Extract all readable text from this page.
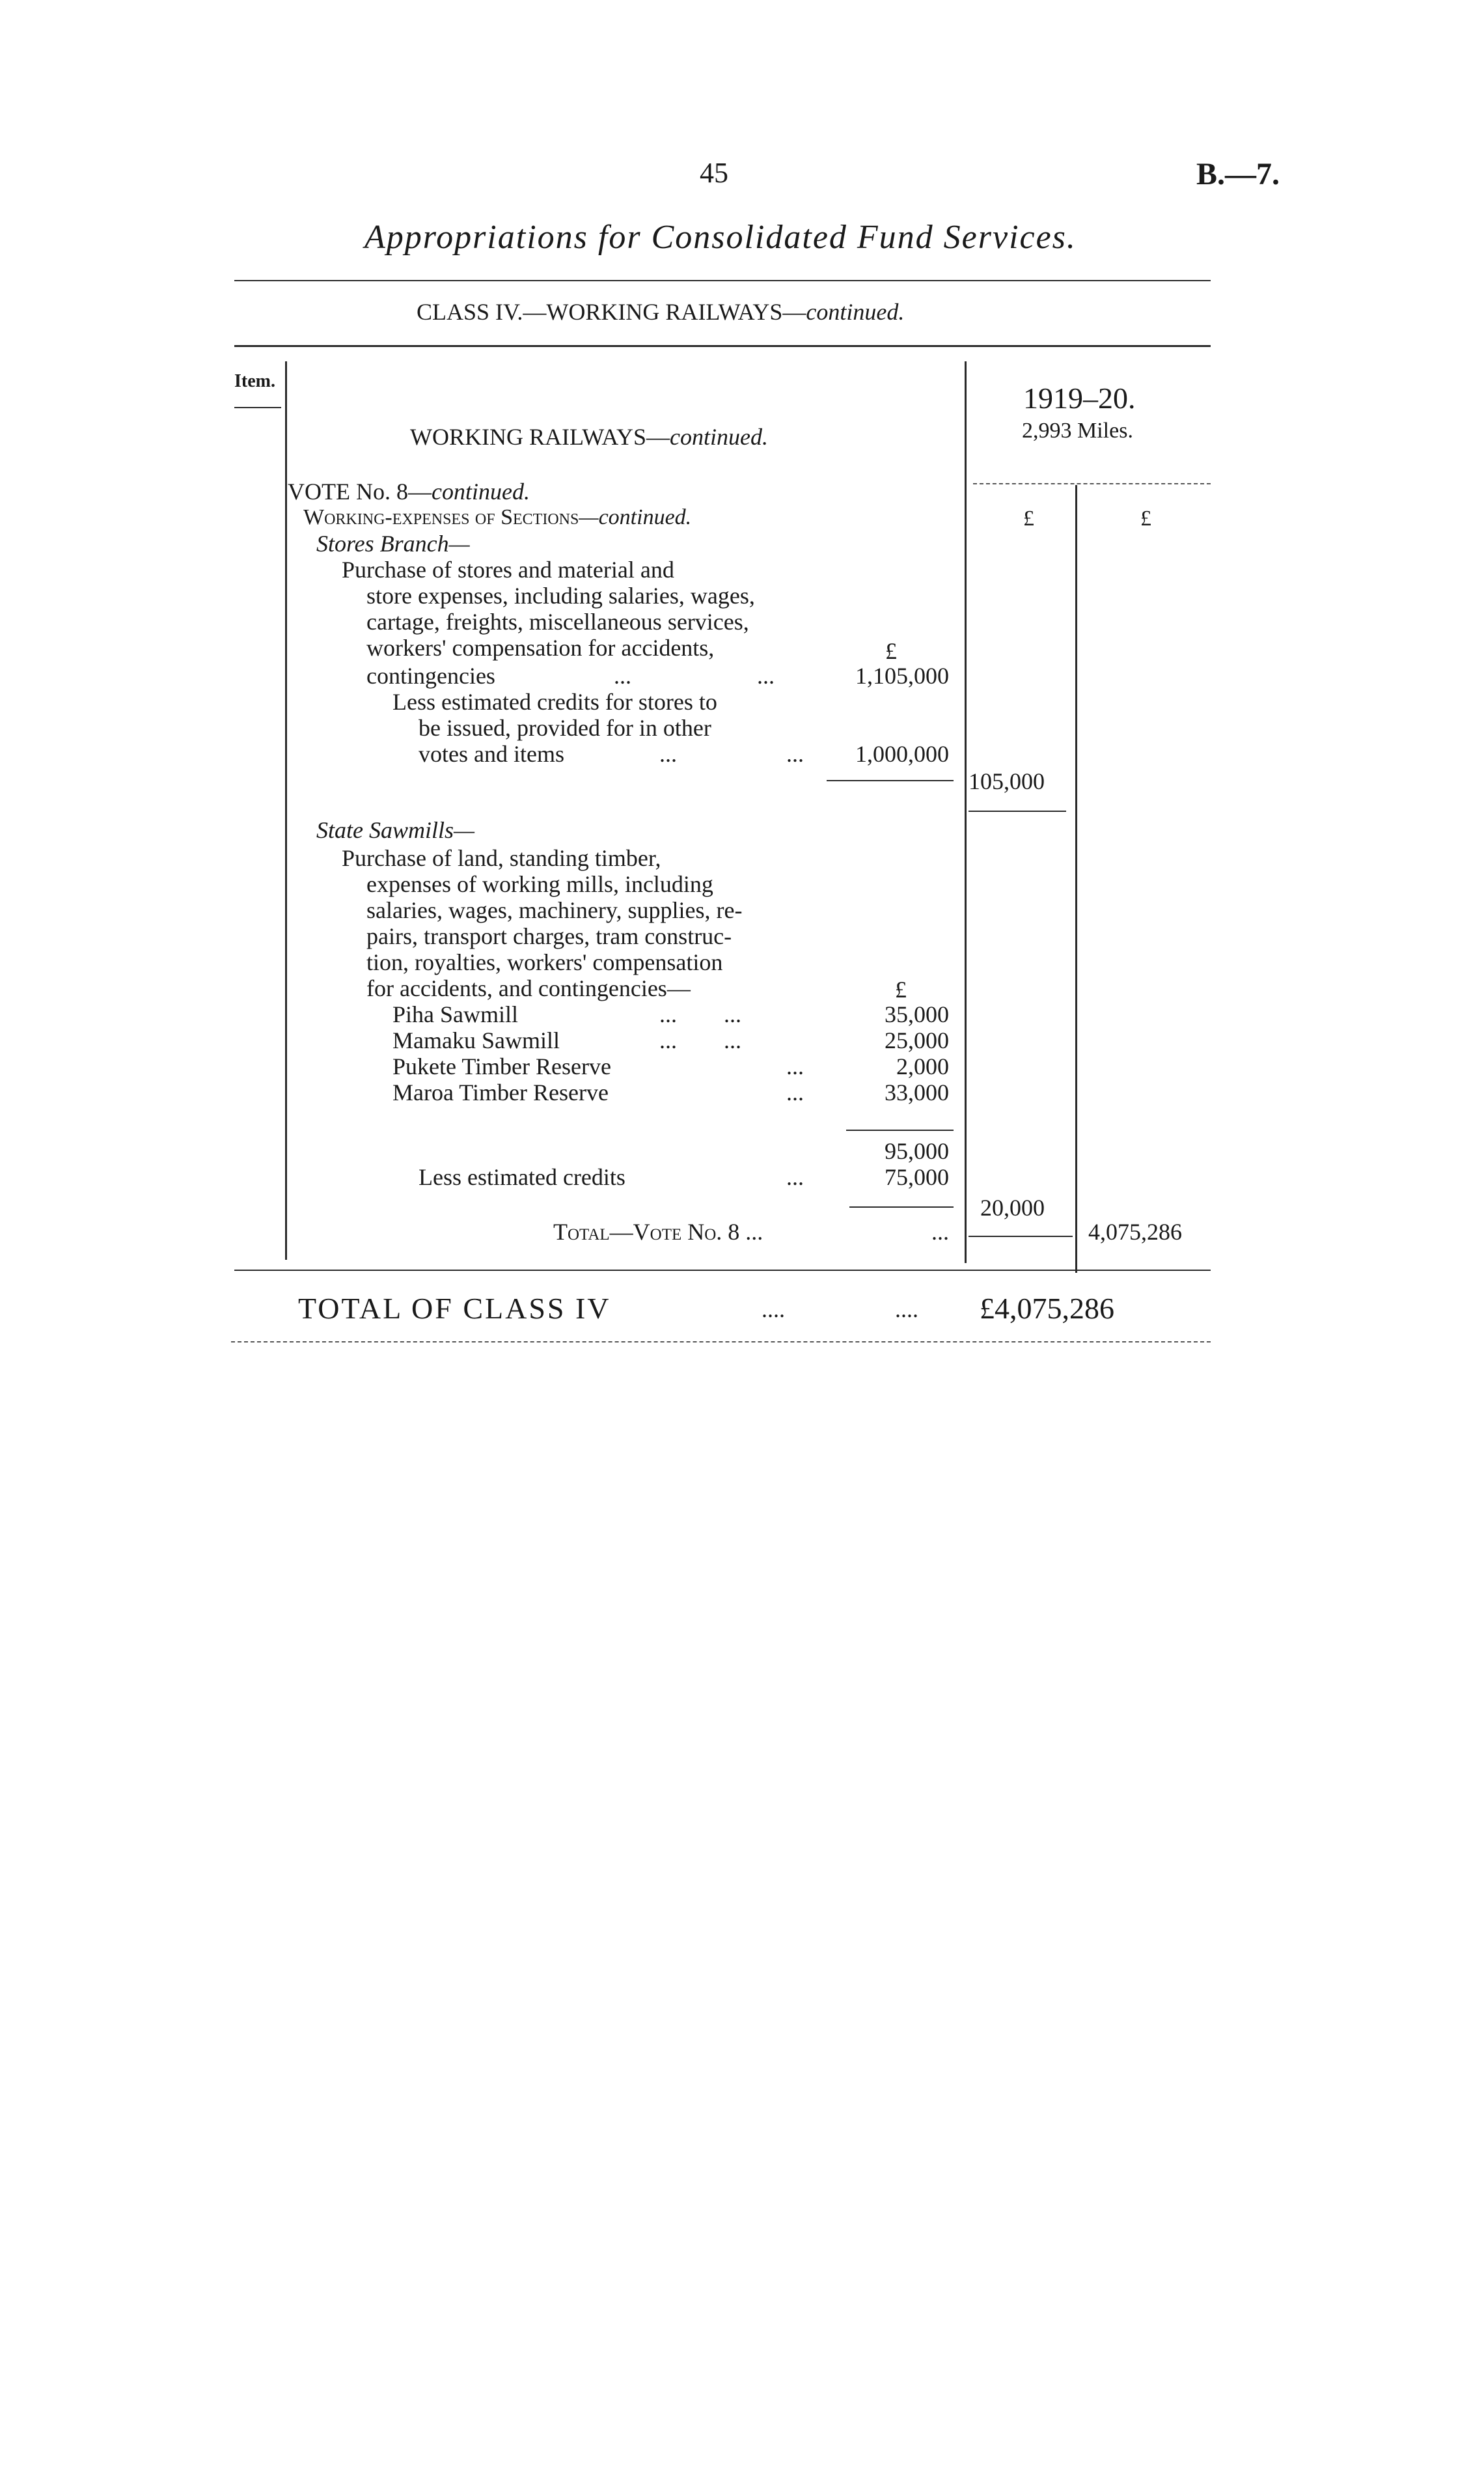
45	B.—7.
Appropriations for Consolidated Fund Services.
CLASS IV.—WORKING RAILWAYS—continued.
Item.
WORKING RAILWAYS—continued.
1919–20.
2,993 Miles.
£	£
VOTE No. 8—continued.
Working-expenses of Sections—continued.
Stores Branch—
Purchase of stores and material and
store expenses, including salaries, wages,
cartage, freights, miscellaneous services,
workers' compensation for accidents,	£
contingencies	...	...	1,105,000
Less estimated credits for stores to
be issued, provided for in other
votes and items	...	... 1,000,000
105,000
State Sawmills—
Purchase of land, standing timber,
expenses of working mills, including
salaries, wages, machinery, supplies, re-
pairs, transport charges, tram construc-
tion, royalties, workers' compensation
for accidents, and contingencies—	£
Piha Sawmill	...        ...	35,000
Mamaku Sawmill	...        ...	25,000
Pukete Timber Reserve	...	2,000
Maroa Timber Reserve	...	33,000
95,000
Less estimated credits	...	75,000
20,000
Total—Vote No. 8 ...	...	4,075,286
TOTAL OF CLASS IV	....	.... £4,075,286
